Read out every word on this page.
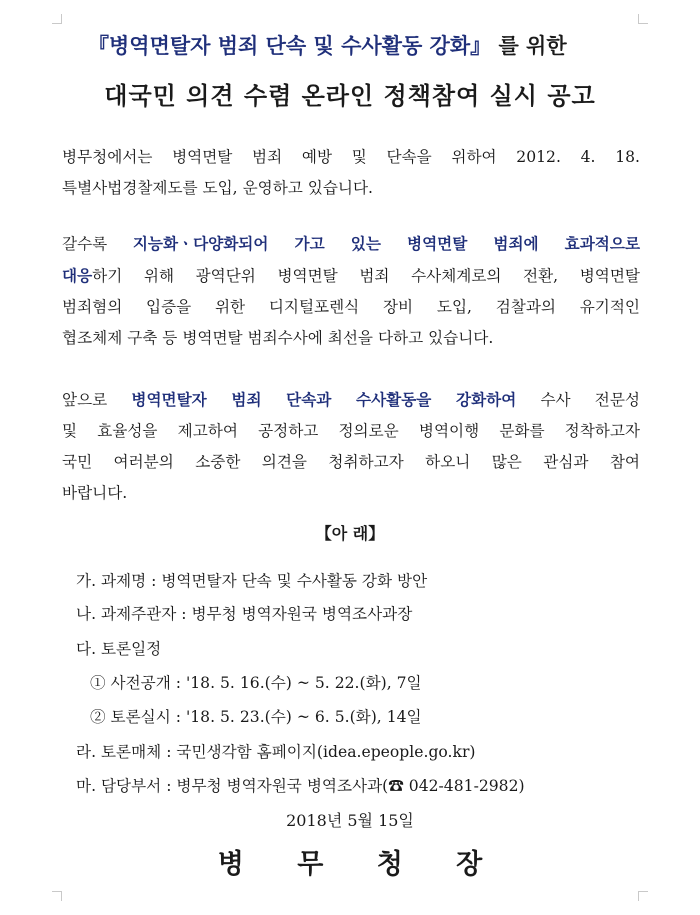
『병역면탈자 범죄 단속 및 수사활동 강화』 를 위한
대국민 의견 수렴 온라인 정책참여 실시 공고
병무청에서는 병역면탈 범죄 예방 및 단속을 위하여 2012. 4. 18.
특별사법경찰제도를 도입, 운영하고 있습니다.
갈수록 지능화ㆍ다양화되어 가고 있는 병역면탈 범죄에 효과적으로
대응하기 위해 광역단위 병역면탈 범죄 수사체계로의 전환, 병역면탈
범죄혐의 입증을 위한 디지털포렌식 장비 도입, 검찰과의 유기적인
협조체제 구축 등 병역면탈 범죄수사에 최선을 다하고 있습니다.
앞으로 병역면탈자 범죄 단속과 수사활동을 강화하여 수사 전문성
및 효율성을 제고하여 공정하고 정의로운 병역이행 문화를 정착하고자
국민 여러분의 소중한 의견을 청취하고자 하오니 많은 관심과 참여
바랍니다.
【아 래】
가. 과제명 : 병역면탈자 단속 및 수사활동 강화 방안
나. 과제주관자 : 병무청 병역자원국 병역조사과장
다. 토론일정
① 사전공개 : '18. 5. 16.(수) ~ 5. 22.(화), 7일
② 토론실시 : '18. 5. 23.(수) ~ 6. 5.(화), 14일
라. 토론매체 : 국민생각함 홈페이지(idea.epeople.go.kr)
마. 담당부서 : 병무청 병역자원국 병역조사과(☎ 042-481-2982)
2018년 5월 15일
병 무 청 장
